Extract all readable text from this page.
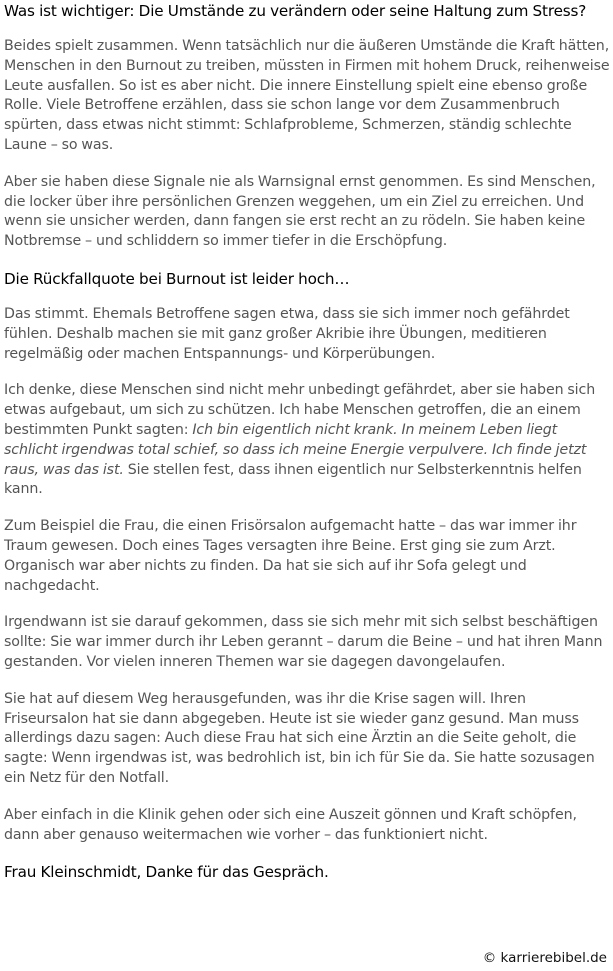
Was ist wichtiger: Die Umstände zu verändern oder seine Haltung zum Stress?

Beides spielt zusammen. Wenn tatsächlich nur die äußeren Umstände die Kraft hätten, Menschen in den Burnout zu treiben, müssten in Firmen mit hohem Druck, reihenweise Leute ausfallen. So ist es aber nicht. Die innere Einstellung spielt eine ebenso große Rolle. Viele Betroffene erzählen, dass sie schon lange vor dem Zusammenbruch spürten, dass etwas nicht stimmt: Schlafprobleme, Schmerzen, ständig schlechte Laune – so was.

Aber sie haben diese Signale nie als Warnsignal ernst genommen. Es sind Menschen, die locker über ihre persönlichen Grenzen weggehen, um ein Ziel zu erreichen. Und wenn sie unsicher werden, dann fangen sie erst recht an zu rödeln. Sie haben keine Notbremse – und schliddern so immer tiefer in die Erschöpfung.

Die Rückfallquote bei Burnout ist leider hoch…

Das stimmt. Ehemals Betroffene sagen etwa, dass sie sich immer noch gefährdet fühlen. Deshalb machen sie mit ganz großer Akribie ihre Übungen, meditieren regelmäßig oder machen Entspannungs- und Körperübungen.

Ich denke, diese Menschen sind nicht mehr unbedingt gefährdet, aber sie haben sich etwas aufgebaut, um sich zu schützen. Ich habe Menschen getroffen, die an einem bestimmten Punkt sagten: Ich bin eigentlich nicht krank. In meinem Leben liegt schlicht irgendwas total schief, so dass ich meine Energie verpulvere. Ich finde jetzt raus, was das ist. Sie stellen fest, dass ihnen eigentlich nur Selbsterkenntnis helfen kann.

Zum Beispiel die Frau, die einen Frisörsalon aufgemacht hatte – das war immer ihr Traum gewesen. Doch eines Tages versagten ihre Beine. Erst ging sie zum Arzt. Organisch war aber nichts zu finden. Da hat sie sich auf ihr Sofa gelegt und nachgedacht.

Irgendwann ist sie darauf gekommen, dass sie sich mehr mit sich selbst beschäftigen sollte: Sie war immer durch ihr Leben gerannt – darum die Beine – und hat ihren Mann gestanden. Vor vielen inneren Themen war sie dagegen davongelaufen.

Sie hat auf diesem Weg herausgefunden, was ihr die Krise sagen will. Ihren Friseursalon hat sie dann abgegeben. Heute ist sie wieder ganz gesund. Man muss allerdings dazu sagen: Auch diese Frau hat sich eine Ärztin an die Seite geholt, die sagte: Wenn irgendwas ist, was bedrohlich ist, bin ich für Sie da. Sie hatte sozusagen ein Netz für den Notfall.

Aber einfach in die Klinik gehen oder sich eine Auszeit gönnen und Kraft schöpfen, dann aber genauso weitermachen wie vorher – das funktioniert nicht.

Frau Kleinschmidt, Danke für das Gespräch.
© karrierebibel.de
